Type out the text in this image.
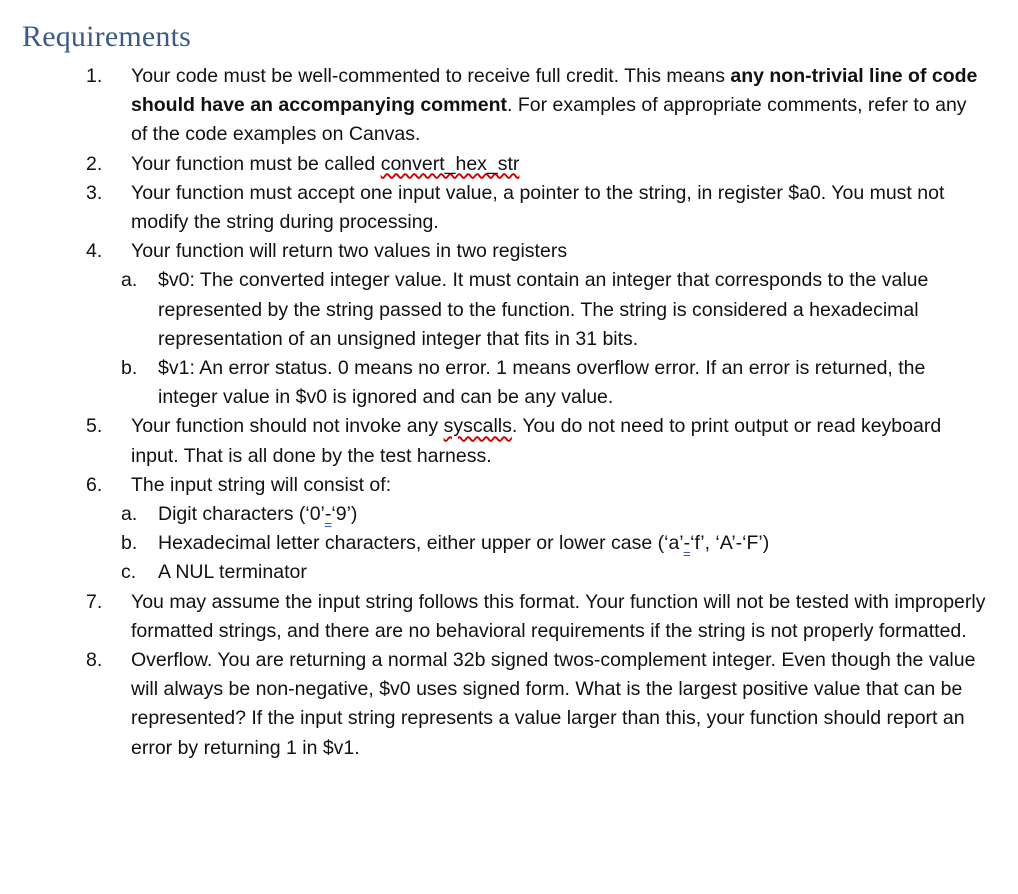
Requirements
1.	Your code must be well-commented to receive full credit. This means any non-trivial line of code should have an accompanying comment. For examples of appropriate comments, refer to any of the code examples on Canvas.
2.	Your function must be called convert_hex_str
3.	Your function must accept one input value, a pointer to the string, in register $a0. You must not modify the string during processing.
4.	Your function will return two values in two registers
a. $v0: The converted integer value. It must contain an integer that corresponds to the value represented by the string passed to the function. The string is considered a hexadecimal representation of an unsigned integer that fits in 31 bits.
b. $v1: An error status. 0 means no error. 1 means overflow error. If an error is returned, the integer value in $v0 is ignored and can be any value.
5.	Your function should not invoke any syscalls. You do not need to print output or read keyboard input. That is all done by the test harness.
6.	The input string will consist of:
a. Digit characters (‘0’-‘9’)
b. Hexadecimal letter characters, either upper or lower case (‘a’-‘f’, ‘A’-‘F’)
c. A NUL terminator
7.	You may assume the input string follows this format. Your function will not be tested with improperly formatted strings, and there are no behavioral requirements if the string is not properly formatted.
8.	Overflow. You are returning a normal 32b signed twos-complement integer. Even though the value will always be non-negative, $v0 uses signed form. What is the largest positive value that can be represented? If the input string represents a value larger than this, your function should report an error by returning 1 in $v1.
